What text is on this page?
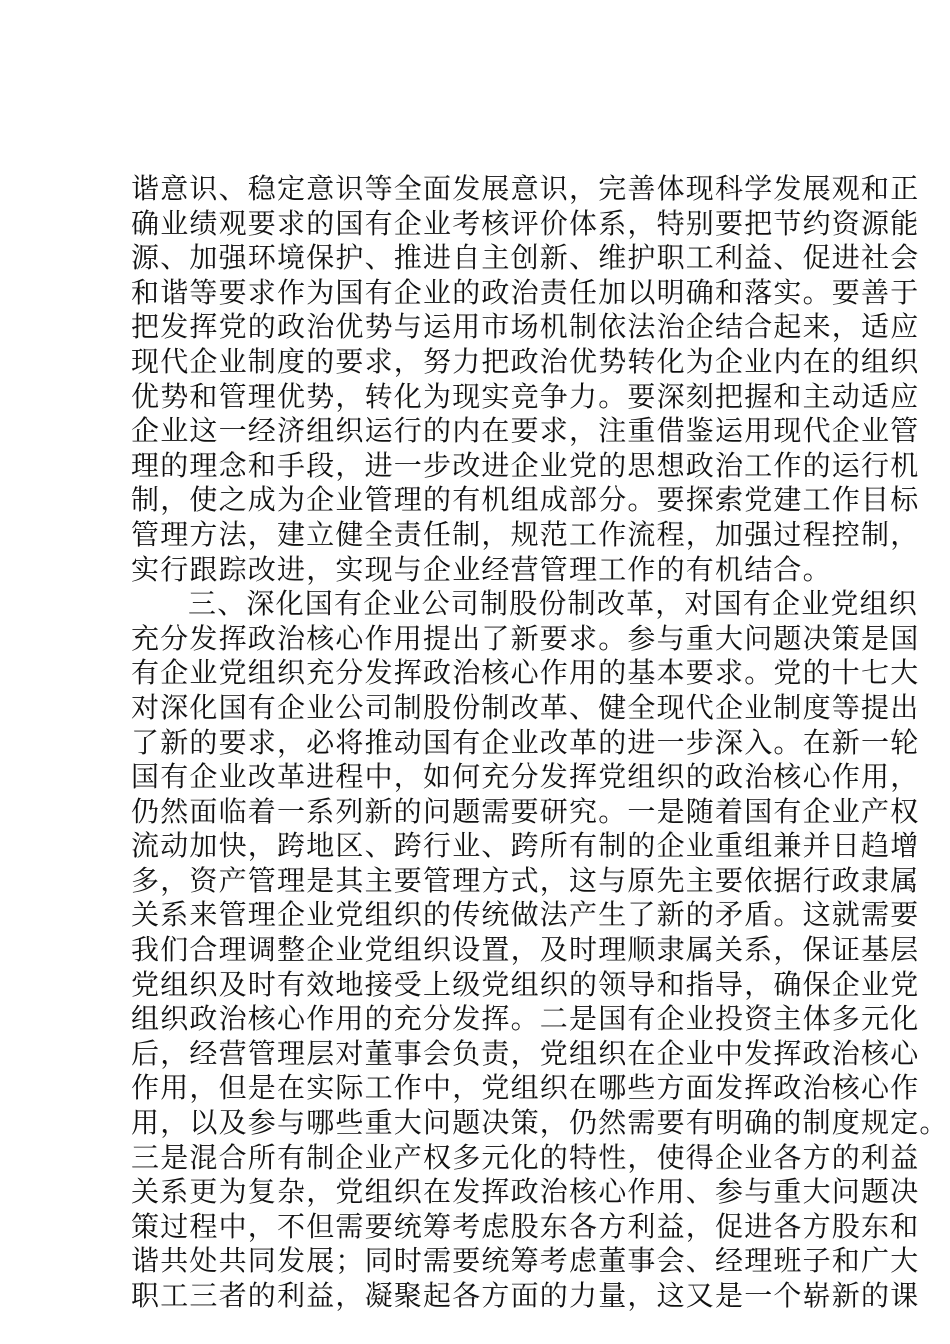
谐意识、稳定意识等全面发展意识，完善体现科学发展观和正
确业绩观要求的国有企业考核评价体系，特别要把节约资源能
源、加强环境保护、推进自主创新、维护职工利益、促进社会
和谐等要求作为国有企业的政治责任加以明确和落实。要善于
把发挥党的政治优势与运用市场机制依法治企结合起来，适应
现代企业制度的要求，努力把政治优势转化为企业内在的组织
优势和管理优势，转化为现实竞争力。要深刻把握和主动适应
企业这一经济组织运行的内在要求，注重借鉴运用现代企业管
理的理念和手段，进一步改进企业党的思想政治工作的运行机
制，使之成为企业管理的有机组成部分。要探索党建工作目标
管理方法，建立健全责任制，规范工作流程，加强过程控制，
实行跟踪改进，实现与企业经营管理工作的有机结合。
三、深化国有企业公司制股份制改革，对国有企业党组织
充分发挥政治核心作用提出了新要求。参与重大问题决策是国
有企业党组织充分发挥政治核心作用的基本要求。党的十七大
对深化国有企业公司制股份制改革、健全现代企业制度等提出
了新的要求，必将推动国有企业改革的进一步深入。在新一轮
国有企业改革进程中，如何充分发挥党组织的政治核心作用，
仍然面临着一系列新的问题需要研究。一是随着国有企业产权
流动加快，跨地区、跨行业、跨所有制的企业重组兼并日趋增
多，资产管理是其主要管理方式，这与原先主要依据行政隶属
关系来管理企业党组织的传统做法产生了新的矛盾。这就需要
我们合理调整企业党组织设置，及时理顺隶属关系，保证基层
党组织及时有效地接受上级党组织的领导和指导，确保企业党
组织政治核心作用的充分发挥。二是国有企业投资主体多元化
后，经营管理层对董事会负责，党组织在企业中发挥政治核心
作用，但是在实际工作中，党组织在哪些方面发挥政治核心作
用，以及参与哪些重大问题决策，仍然需要有明确的制度规定。
三是混合所有制企业产权多元化的特性，使得企业各方的利益
关系更为复杂，党组织在发挥政治核心作用、参与重大问题决
策过程中，不但需要统筹考虑股东各方利益，促进各方股东和
谐共处共同发展；同时需要统筹考虑董事会、经理班子和广大
职工三者的利益，凝聚起各方面的力量，这又是一个崭新的课
